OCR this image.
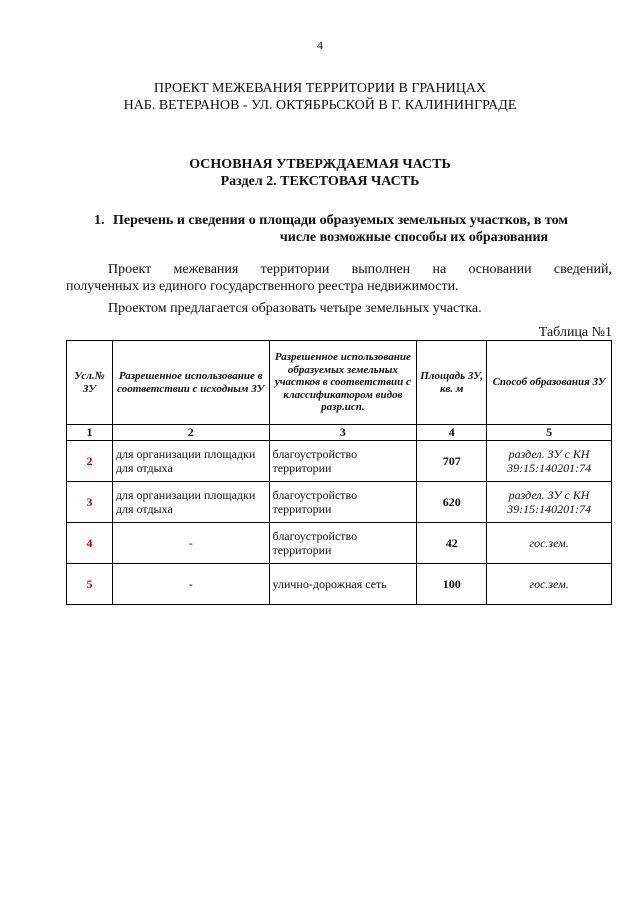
4
ПРОЕКТ МЕЖЕВАНИЯ ТЕРРИТОРИИ В ГРАНИЦАХ
НАБ. ВЕТЕРАНОВ - УЛ. ОКТЯБРЬСКОЙ В Г. КАЛИНИНГРАДЕ
ОСНОВНАЯ УТВЕРЖДАЕМАЯ ЧАСТЬ
Раздел 2. ТЕКСТОВАЯ ЧАСТЬ
1. Перечень и сведения о площади образуемых земельных участков, в том
числе возможные способы их образования
Проект межевания территории выполнен на основании сведений,
полученных из единого государственного реестра недвижимости.
Проектом предлагается образовать четыре земельных участка.
Таблица №1
Усл.№ ЗУ	Разрешенное использование в соответствии с исходным ЗУ	Разрешенное использование образуемых земельных участков в соответствии с классификатором видов разр.исп.	Площадь ЗУ, кв. м	Способ образования ЗУ
1	2	3	4	5
2	для организации площадки для отдыха	благоустройство территории	707	раздел. ЗУ с КН 39:15:140201:74
3	для организации площадки для отдыха	благоустройство территории	620	раздел. ЗУ с КН 39:15:140201:74
4	-	благоустройство территории	42	гос.зем.
5	-	улично-дорожная сеть	100	гос.зем.
